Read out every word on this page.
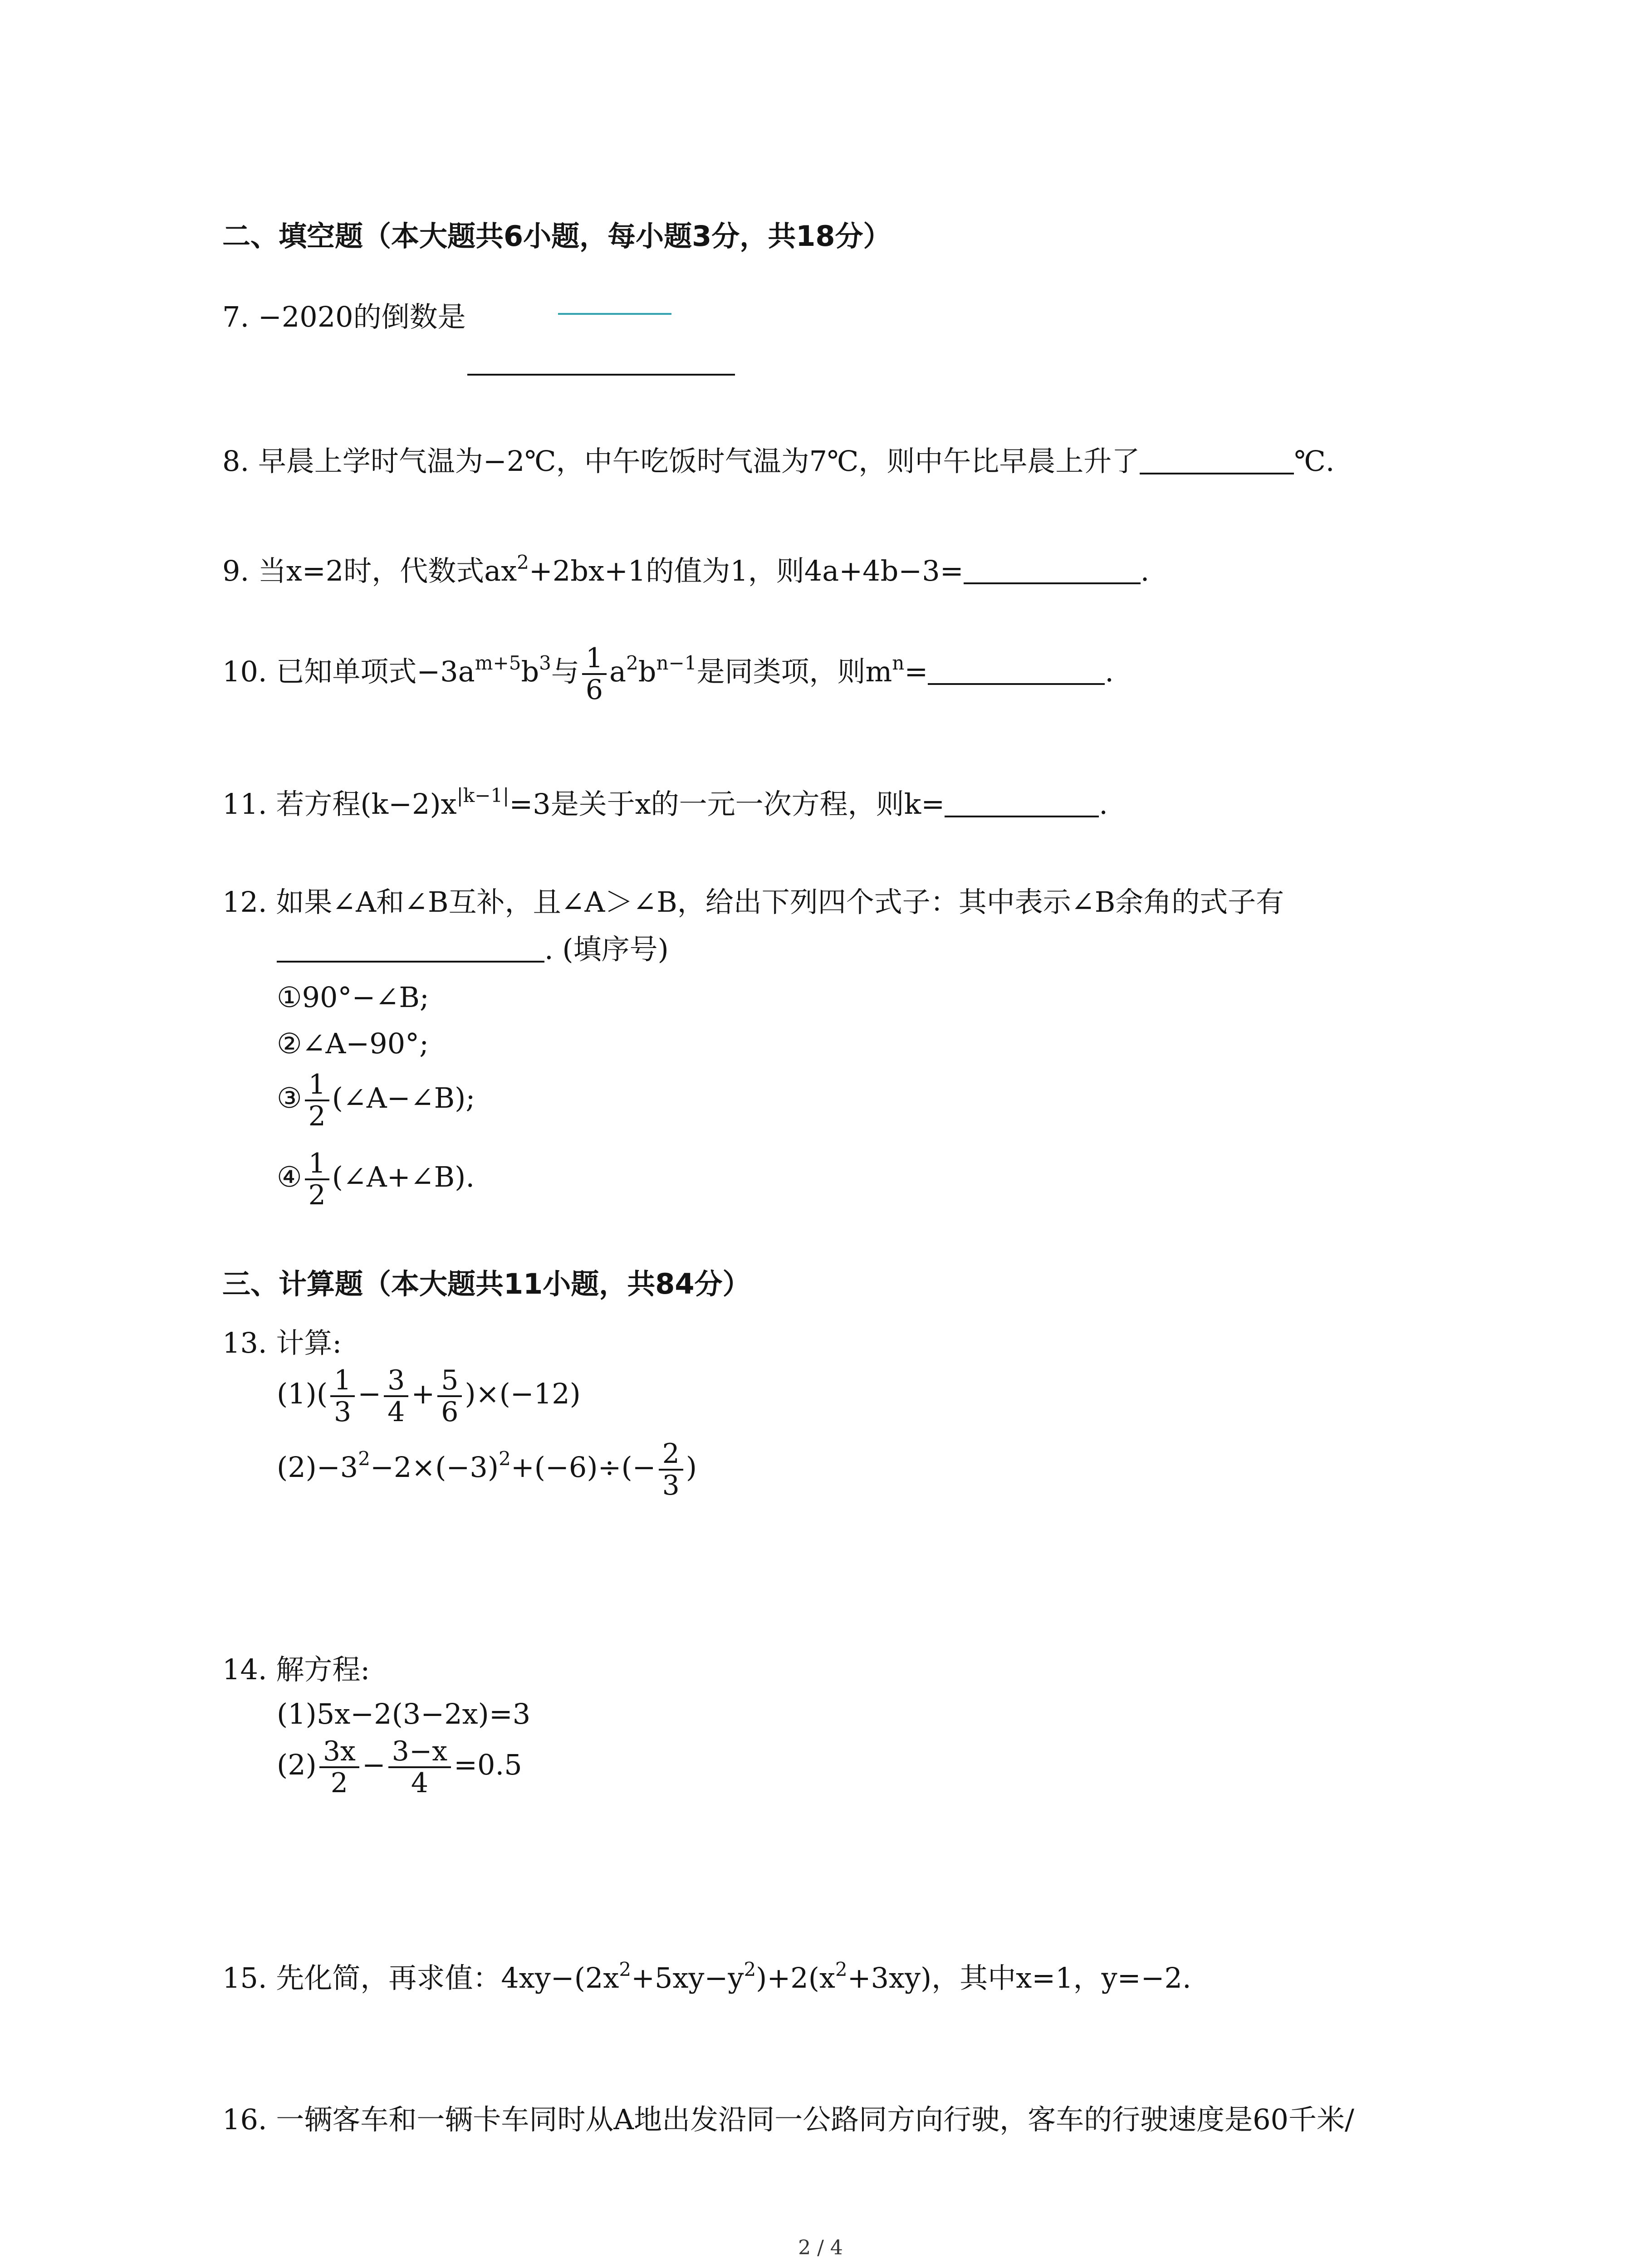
二、填空题（本大题共6小题，每小题3分，共18分）
7. −2020的倒数是
8. 早晨上学时气温为−2℃，中午吃饭时气温为7℃，则中午比早晨上升了	℃.
9. 当x=2时，代数式$ax^2+2bx+1$的值为1，则4a+4b−3=	.
10. 已知单项式$-3a^{m+5}b^3$与 $\frac{1}{6} a^2b^{n-1}$是同类项，则$m^n=$	.
11. 若方程$(k-2)x^{|k-1|}=3$是关于x的一元一次方程，则k=	.
12. 如果∠A和∠B互补，且∠A＞∠B，给出下列四个式子：其中表示∠B余角的式子有
. (填序号)
①90°−∠B;
②∠A−90°;
③ $\frac{1}{2}$ (∠A−∠B);
④ $\frac{1}{2}$ (∠A+∠B).
三、计算题（本大题共11小题，共84分）
13. 计算:
$(1)( \frac{1}{3} - \frac{3}{4} + \frac{5}{6} )\times(-12)$
$(2)-3^2-2\times(-3)^2+(-6)\div(- \frac{2}{3}$ )
14. 解方程:
(1)5x−2(3−2x)=3
$(2) \frac{3x}{2} - \frac{3-x}{4} =0.5$
15. 先化简，再求值：$4xy-(2x^2+5xy-y^2)+2(x^2+3xy)$，其中x=1，y=−2.
16. 一辆客车和一辆卡车同时从A地出发沿同一公路同方向行驶，客车的行驶速度是60千米/
2 / 4
